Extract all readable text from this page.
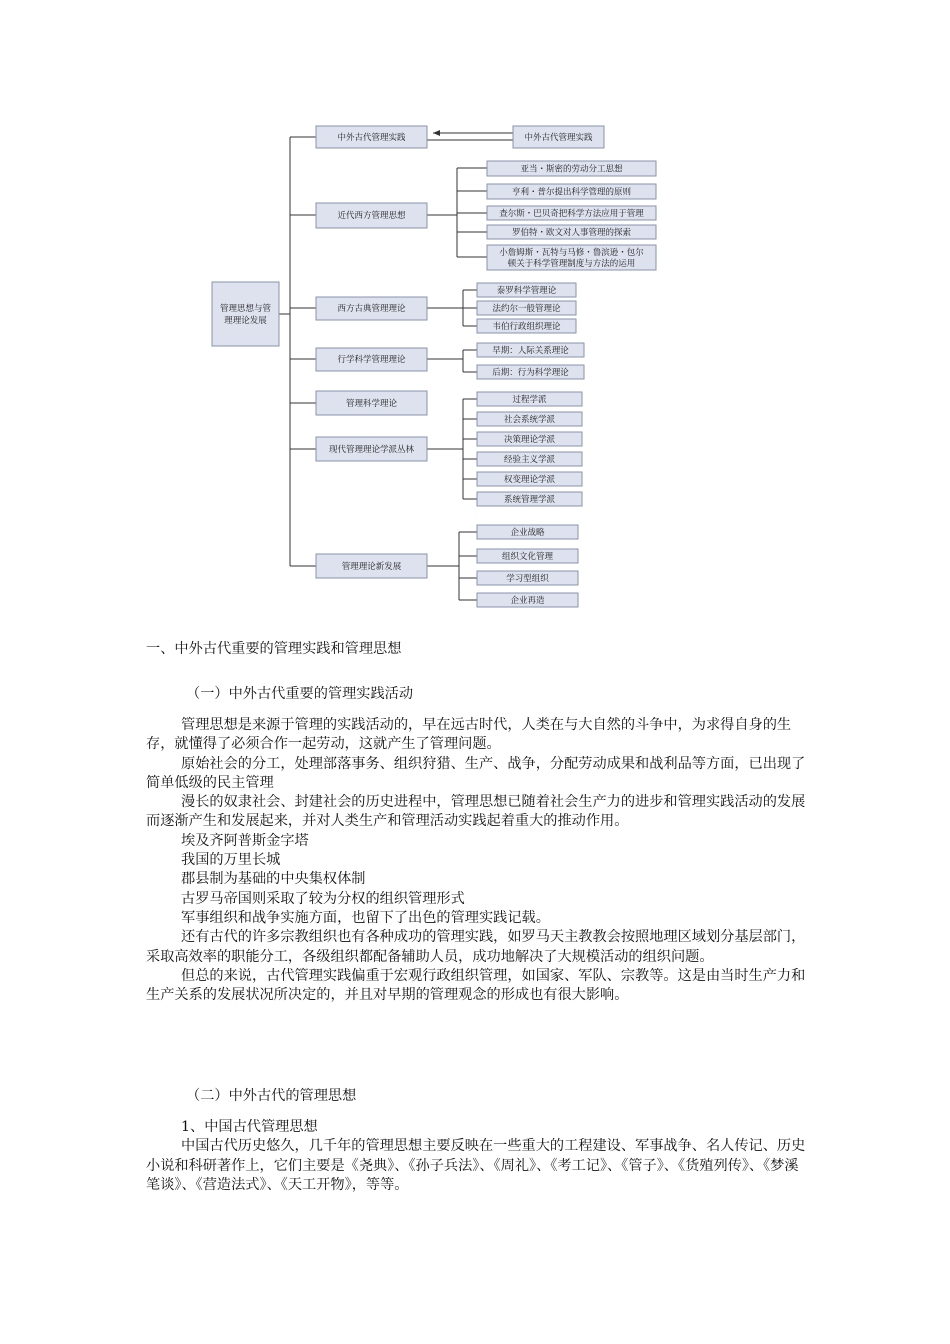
管理思想与管
理理论发展
中外古代管理实践	中外古代管理实践
近代西方管理思想
西方古典管理理论
行学科学管理理论
管理科学理论
现代管理理论学派丛林
管理理论新发展
亚当・斯密的劳动分工思想
亨利・普尔提出科学管理的原则
查尔斯・巴贝奇把科学方法应用于管理
罗伯特・欧文对人事管理的探索
小詹姆斯・瓦特与马修・鲁滨逊・包尔
顿关于科学管理制度与方法的运用
泰罗科学管理论
法约尔一般管理论
韦伯行政组织理论
早期：人际关系理论
后期：行为科学理论
过程学派
社会系统学派
决策理论学派
经验主义学派
权变理论学派
系统管理学派
企业战略
组织文化管理
学习型组织
企业再造
一、中外古代重要的管理实践和管理思想
（一）中外古代重要的管理实践活动

管理思想是来源于管理的实践活动的，早在远古时代，人类在与大自然的斗争中，为求得自身的生存，就懂得了必须合作一起劳动，这就产生了管理问题。

原始社会的分工，处理部落事务、组织狩猎、生产、战争，分配劳动成果和战利品等方面，已出现了简单低级的民主管理

漫长的奴隶社会、封建社会的历史进程中，管理思想已随着社会生产力的进步和管理实践活动的发展而逐渐产生和发展起来，并对人类生产和管理活动实践起着重大的推动作用。

埃及齐阿普斯金字塔

我国的万里长城

郡县制为基础的中央集权体制

古罗马帝国则采取了较为分权的组织管理形式

军事组织和战争实施方面，也留下了出色的管理实践记载。

还有古代的许多宗教组织也有各种成功的管理实践，如罗马天主教教会按照地理区域划分基层部门，采取高效率的职能分工，各级组织都配备辅助人员，成功地解决了大规模活动的组织问题。

但总的来说，古代管理实践偏重于宏观行政组织管理，如国家、军队、宗教等。这是由当时生产力和生产关系的发展状况所决定的，并且对早期的管理观念的形成也有很大影响。

（二）中外古代的管理思想

1、中国古代管理思想

中国古代历史悠久，几千年的管理思想主要反映在一些重大的工程建设、军事战争、名人传记、历史小说和科研著作上，它们主要是《尧典》、《孙子兵法》、《周礼》、《考工记》、《管子》、《货殖列传》、《梦溪笔谈》、《营造法式》、《天工开物》，等等。
